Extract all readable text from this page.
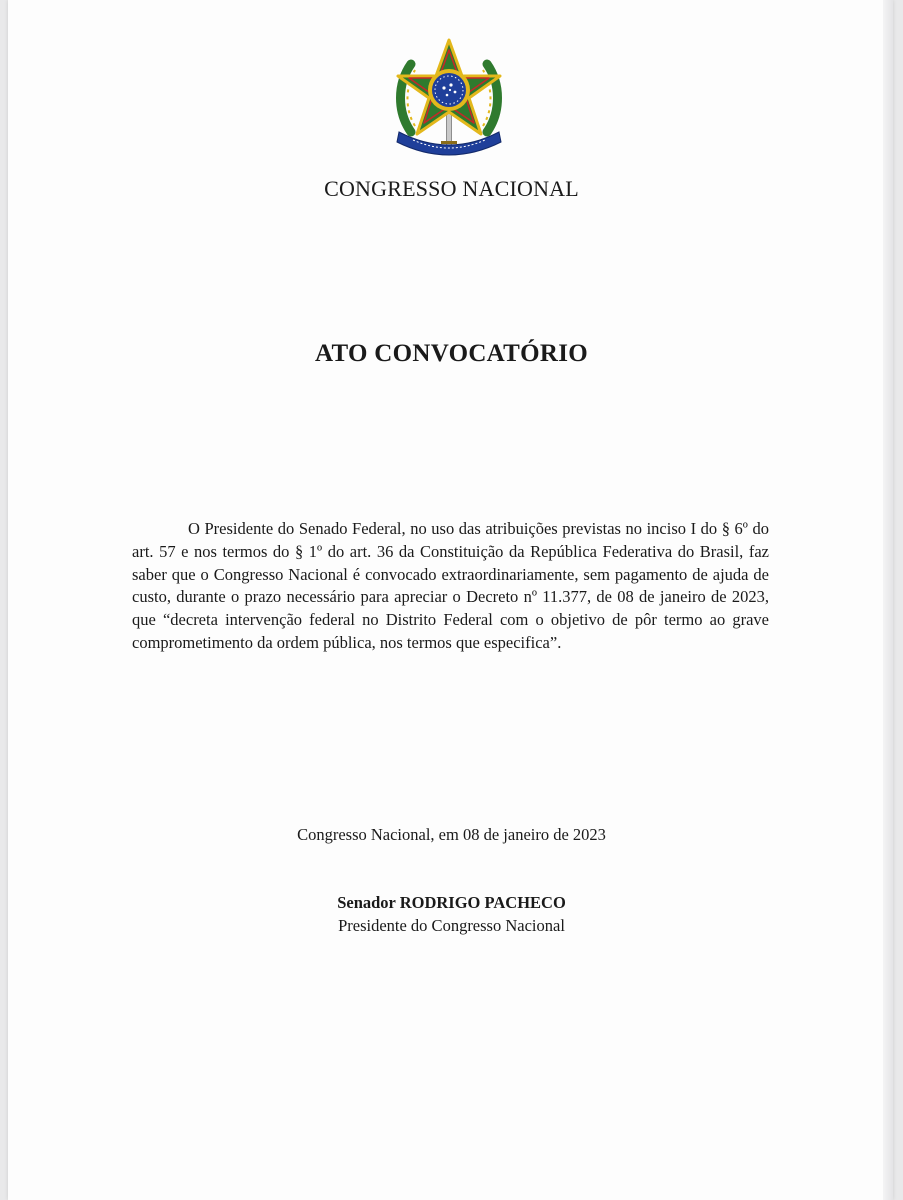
CONGRESSO NACIONAL
ATO CONVOCATÓRIO

O Presidente do Senado Federal, no uso das atribuições previstas no inciso I do § 6º do art. 57 e nos termos do § 1º do art. 36 da Constituição da República Federativa do Brasil, faz saber que o Congresso Nacional é convocado extraordinariamente, sem pagamento de ajuda de custo, durante o prazo necessário para apreciar o Decreto nº 11.377, de 08 de janeiro de 2023, que “decreta intervenção federal no Distrito Federal com o objetivo de pôr termo ao grave comprometimento da ordem pública, nos termos que especifica”.

Congresso Nacional, em 08 de janeiro de 2023
Senador RODRIGO PACHECO
Presidente do Congresso Nacional
